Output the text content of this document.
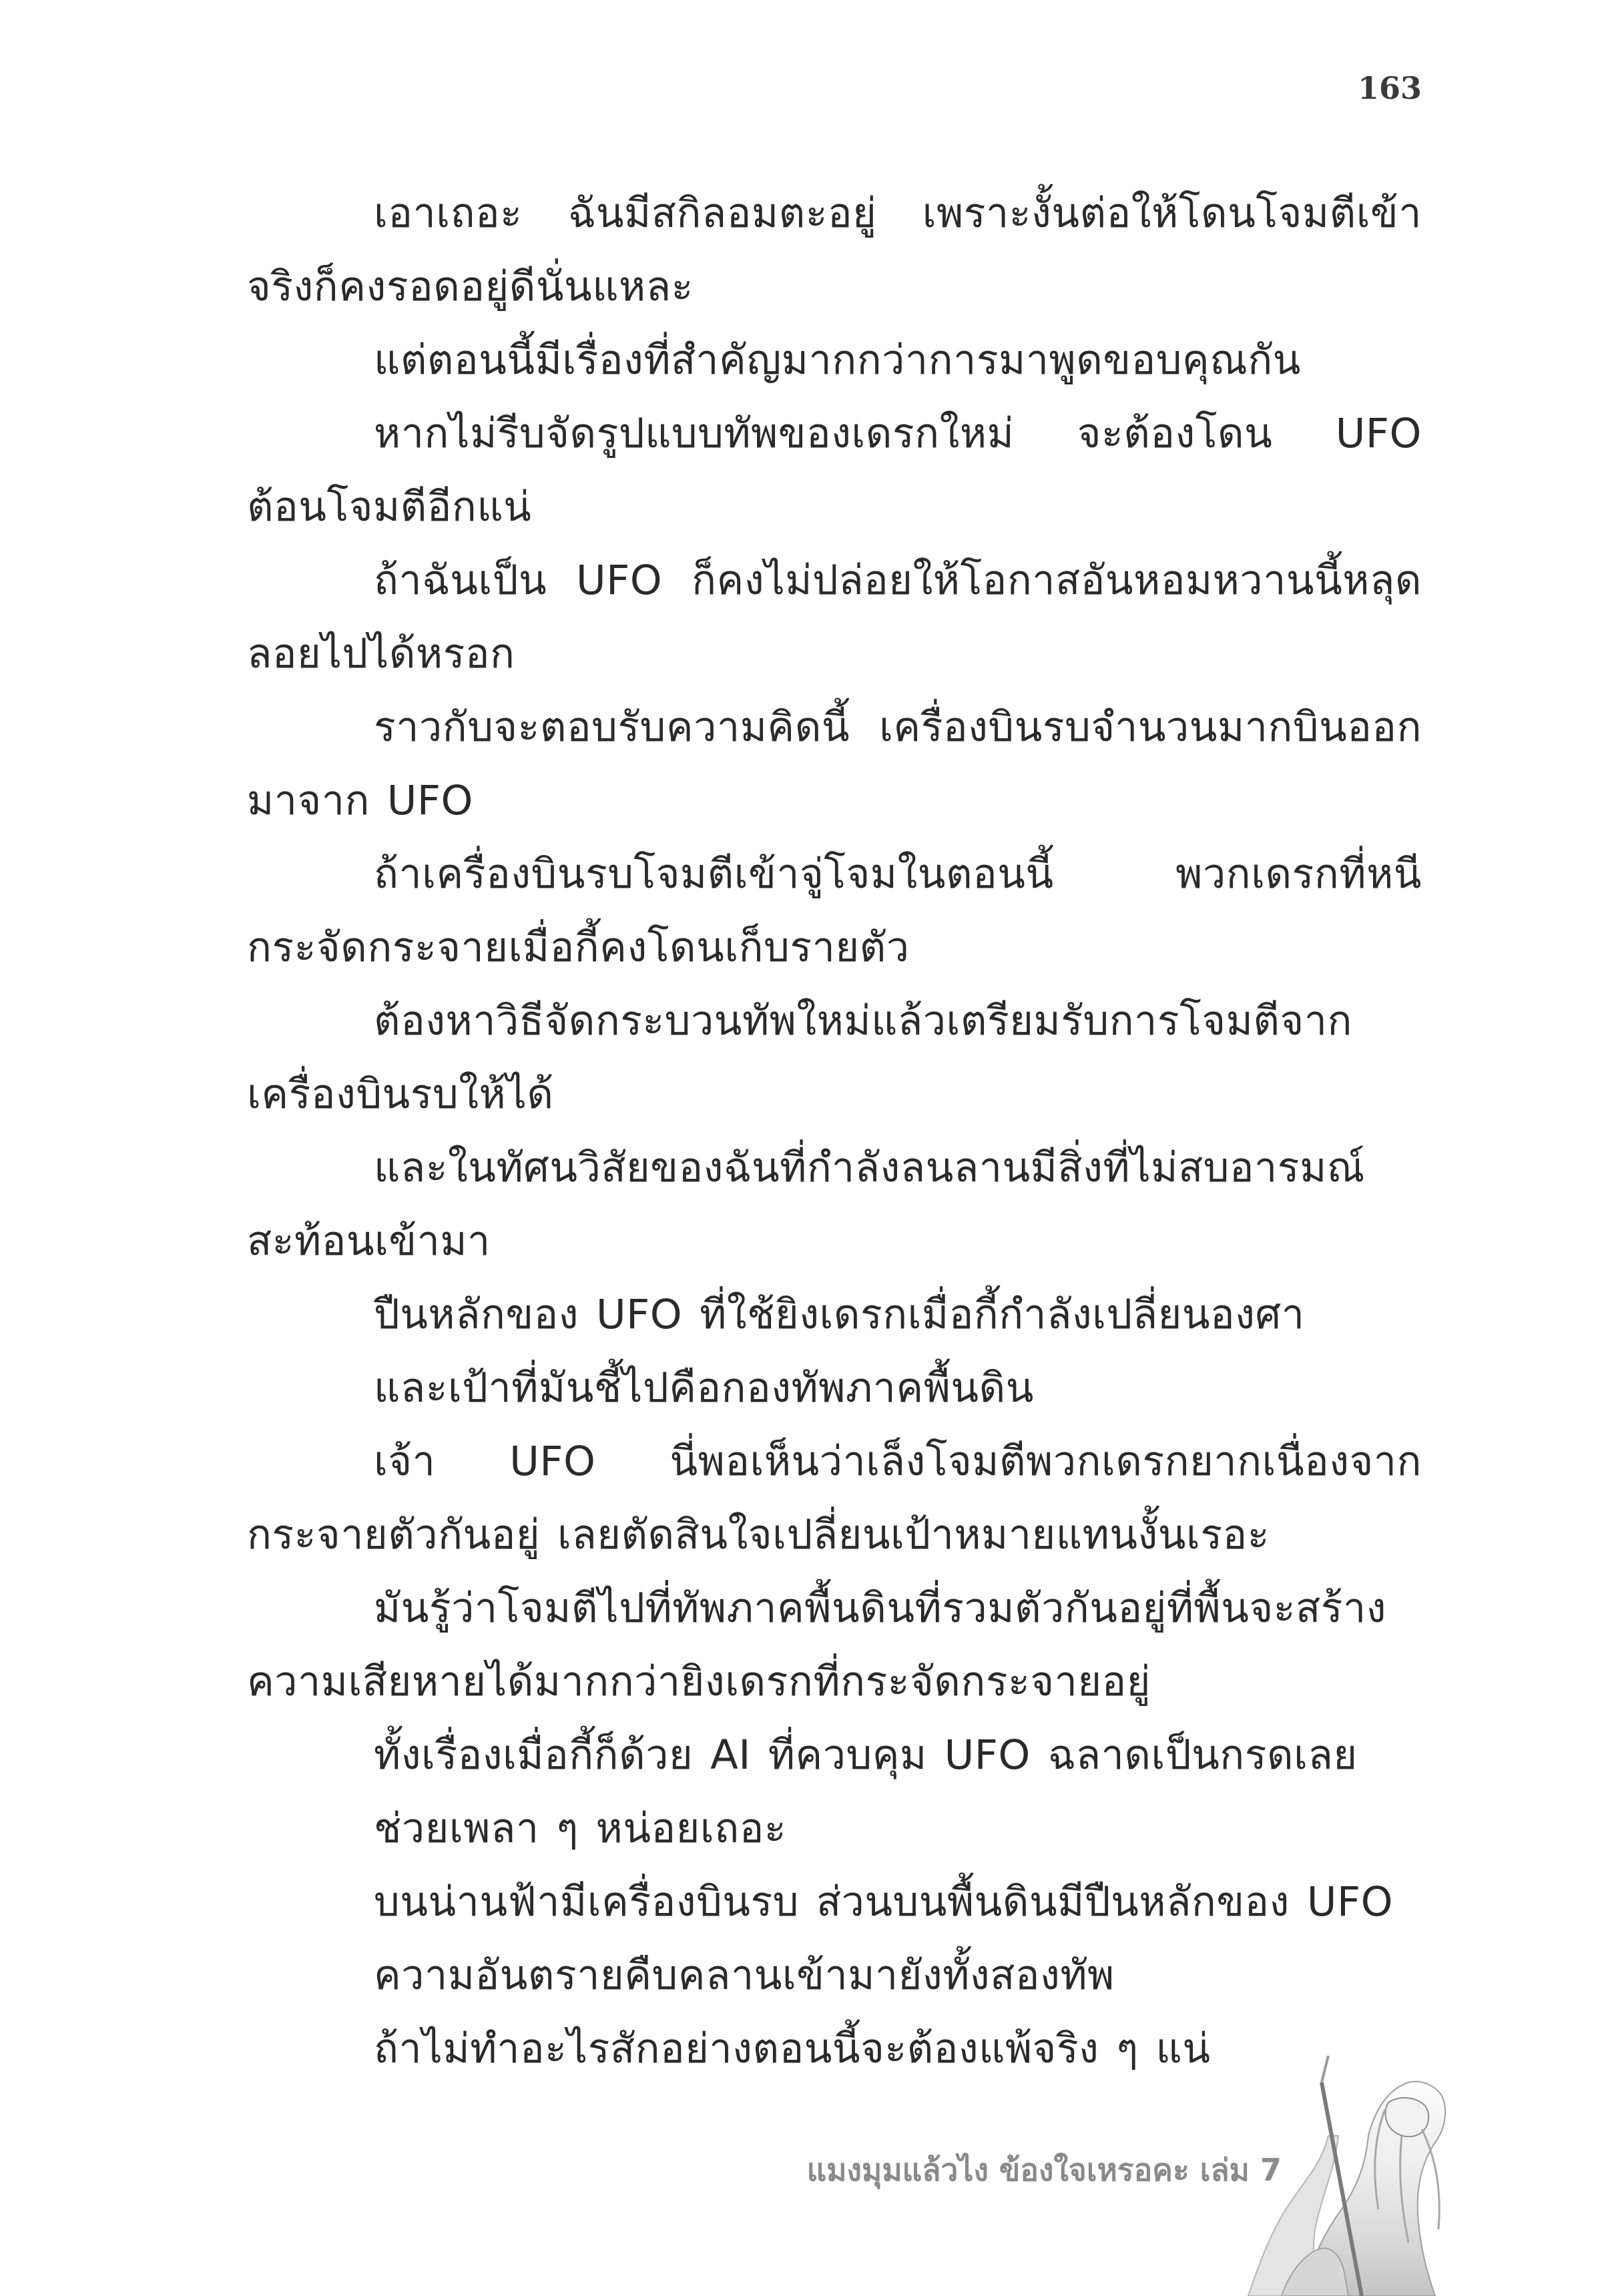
163

เอาเถอะ ฉันมีสกิลอมตะอยู่ เพราะงั้นต่อให้โดนโจมตีเข้าจริงก็คงรอดอยู่ดีนั่นแหละ

แต่ตอนนี้มีเรื่องที่สำคัญมากกว่าการมาพูดขอบคุณกัน

หากไม่รีบจัดรูปแบบทัพของเดรกใหม่ จะต้องโดน UFO ต้อนโจมตีอีกแน่

ถ้าฉันเป็น UFO ก็คงไม่ปล่อยให้โอกาสอันหอมหวานนี้หลุดลอยไปได้หรอก

ราวกับจะตอบรับความคิดนี้ เครื่องบินรบจำนวนมากบินออกมาจาก UFO

ถ้าเครื่องบินรบโจมตีเข้าจู่โจมในตอนนี้ พวกเดรกที่หนีกระจัดกระจายเมื่อกี้คงโดนเก็บรายตัว

ต้องหาวิธีจัดกระบวนทัพใหม่แล้วเตรียมรับการโจมตีจากเครื่องบินรบให้ได้

และในทัศนวิสัยของฉันที่กำลังลนลานมีสิ่งที่ไม่สบอารมณ์สะท้อนเข้ามา

ปืนหลักของ UFO ที่ใช้ยิงเดรกเมื่อกี้กำลังเปลี่ยนองศา

และเป้าที่มันชี้ไปคือกองทัพภาคพื้นดิน

เจ้า UFO นี่พอเห็นว่าเล็งโจมตีพวกเดรกยากเนื่องจากกระจายตัวกันอยู่ เลยตัดสินใจเปลี่ยนเป้าหมายแทนงั้นเรอะ

มันรู้ว่าโจมตีไปที่ทัพภาคพื้นดินที่รวมตัวกันอยู่ที่พื้นจะสร้างความเสียหายได้มากกว่ายิงเดรกที่กระจัดกระจายอยู่

ทั้งเรื่องเมื่อกี้ก็ด้วย AI ที่ควบคุม UFO ฉลาดเป็นกรดเลย

ช่วยเพลา ๆ หน่อยเถอะ

บนน่านฟ้ามีเครื่องบินรบ ส่วนบนพื้นดินมีปืนหลักของ UFO

ความอันตรายคืบคลานเข้ามายังทั้งสองทัพ

ถ้าไม่ทำอะไรสักอย่างตอนนี้จะต้องแพ้จริง ๆ แน่

แมงมุมแล้วไง ข้องใจเหรอคะ เล่ม 7
